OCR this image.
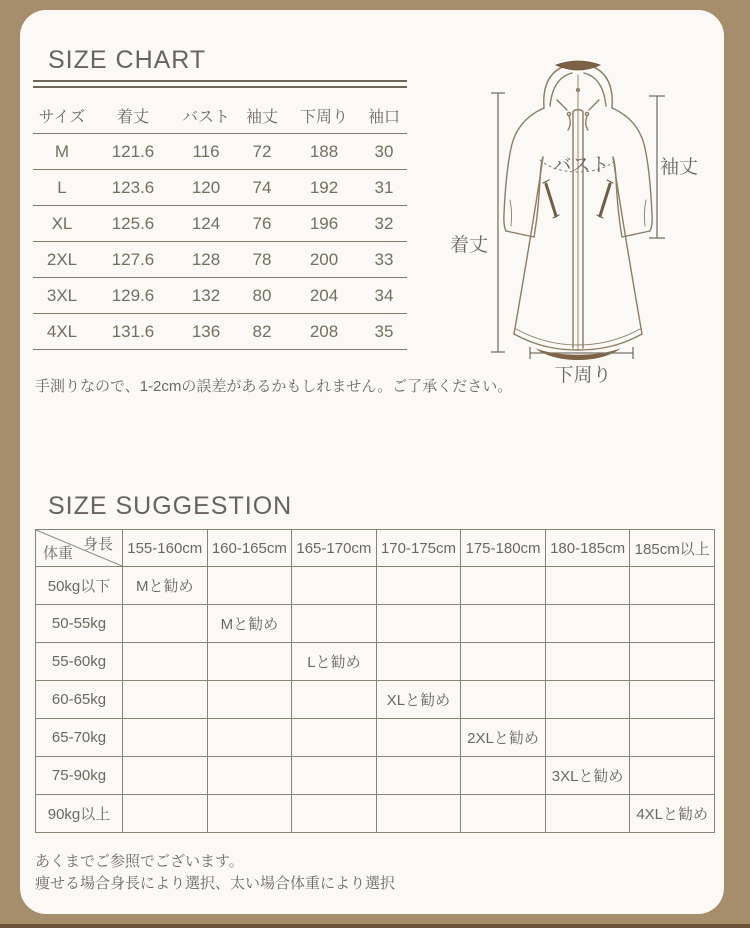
SIZE CHART
サイズ	着丈	バスト	袖丈	下周り	袖口
M	121.6	116	72	188	30
L	123.6	120	74	192	31
XL	125.6	124	76	196	32
2XL	127.6	128	78	200	33
3XL	129.6	132	80	204	34
4XL	131.6	136	82	208	35
手測りなので、1-2cmの誤差があるかもしれません。ご了承ください。
バスト	袖丈
着丈
下周り
SIZE SUGGESTION
身長
体重	155-160cm	160-165cm	165-170cm	170-175cm	175-180cm	180-185cm	185cm以上
50kg以下	Mと勧め						
50-55kg		Mと勧め					
55-60kg			Lと勧め				
60-65kg				XLと勧め			
65-70kg					2XLと勧め		
75-90kg						3XLと勧め	
90kg以上							4XLと勧め
あくまでご参照でございます。
痩せる場合身長により選択、太い場合体重により選択
